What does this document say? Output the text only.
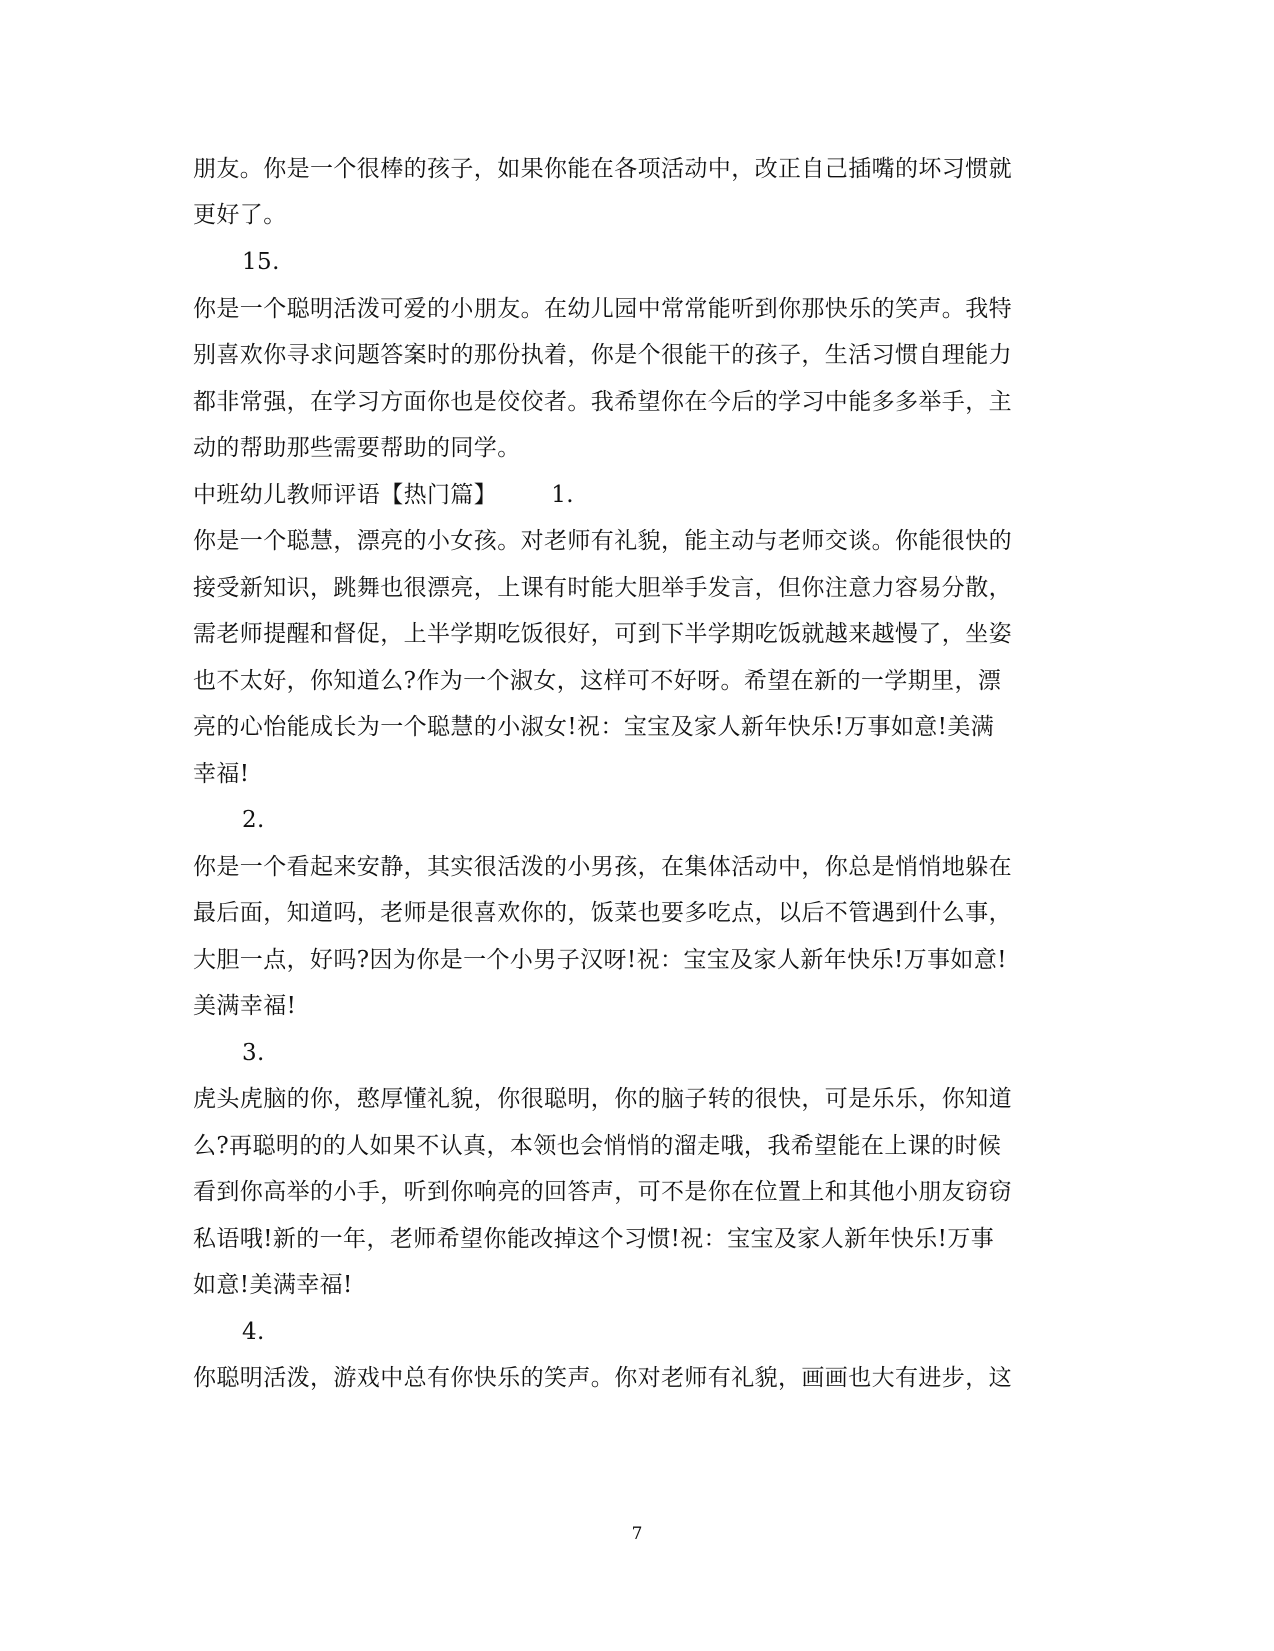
朋友。你是一个很棒的孩子，如果你能在各项活动中，改正自己插嘴的坏习惯就
更好了。
15.
你是一个聪明活泼可爱的小朋友。在幼儿园中常常能听到你那快乐的笑声。我特
别喜欢你寻求问题答案时的那份执着，你是个很能干的孩子，生活习惯自理能力
都非常强，在学习方面你也是佼佼者。我希望你在今后的学习中能多多举手，主
动的帮助那些需要帮助的同学。
中班幼儿教师评语【热门篇】 1.
你是一个聪慧，漂亮的小女孩。对老师有礼貌，能主动与老师交谈。你能很快的
接受新知识，跳舞也很漂亮，上课有时能大胆举手发言，但你注意力容易分散，
需老师提醒和督促，上半学期吃饭很好，可到下半学期吃饭就越来越慢了，坐姿
也不太好，你知道么?作为一个淑女，这样可不好呀。希望在新的一学期里，漂
亮的心怡能成长为一个聪慧的小淑女!祝：宝宝及家人新年快乐!万事如意!美满
幸福!
2.
你是一个看起来安静，其实很活泼的小男孩，在集体活动中，你总是悄悄地躲在
最后面，知道吗，老师是很喜欢你的，饭菜也要多吃点，以后不管遇到什么事，
大胆一点，好吗?因为你是一个小男子汉呀!祝：宝宝及家人新年快乐!万事如意!
美满幸福!
3.
虎头虎脑的你，憨厚懂礼貌，你很聪明，你的脑子转的很快，可是乐乐，你知道
么?再聪明的的人如果不认真，本领也会悄悄的溜走哦，我希望能在上课的时候
看到你高举的小手，听到你响亮的回答声，可不是你在位置上和其他小朋友窃窃
私语哦!新的一年，老师希望你能改掉这个习惯!祝：宝宝及家人新年快乐!万事
如意!美满幸福!
4.
你聪明活泼，游戏中总有你快乐的笑声。你对老师有礼貌，画画也大有进步，这
7
